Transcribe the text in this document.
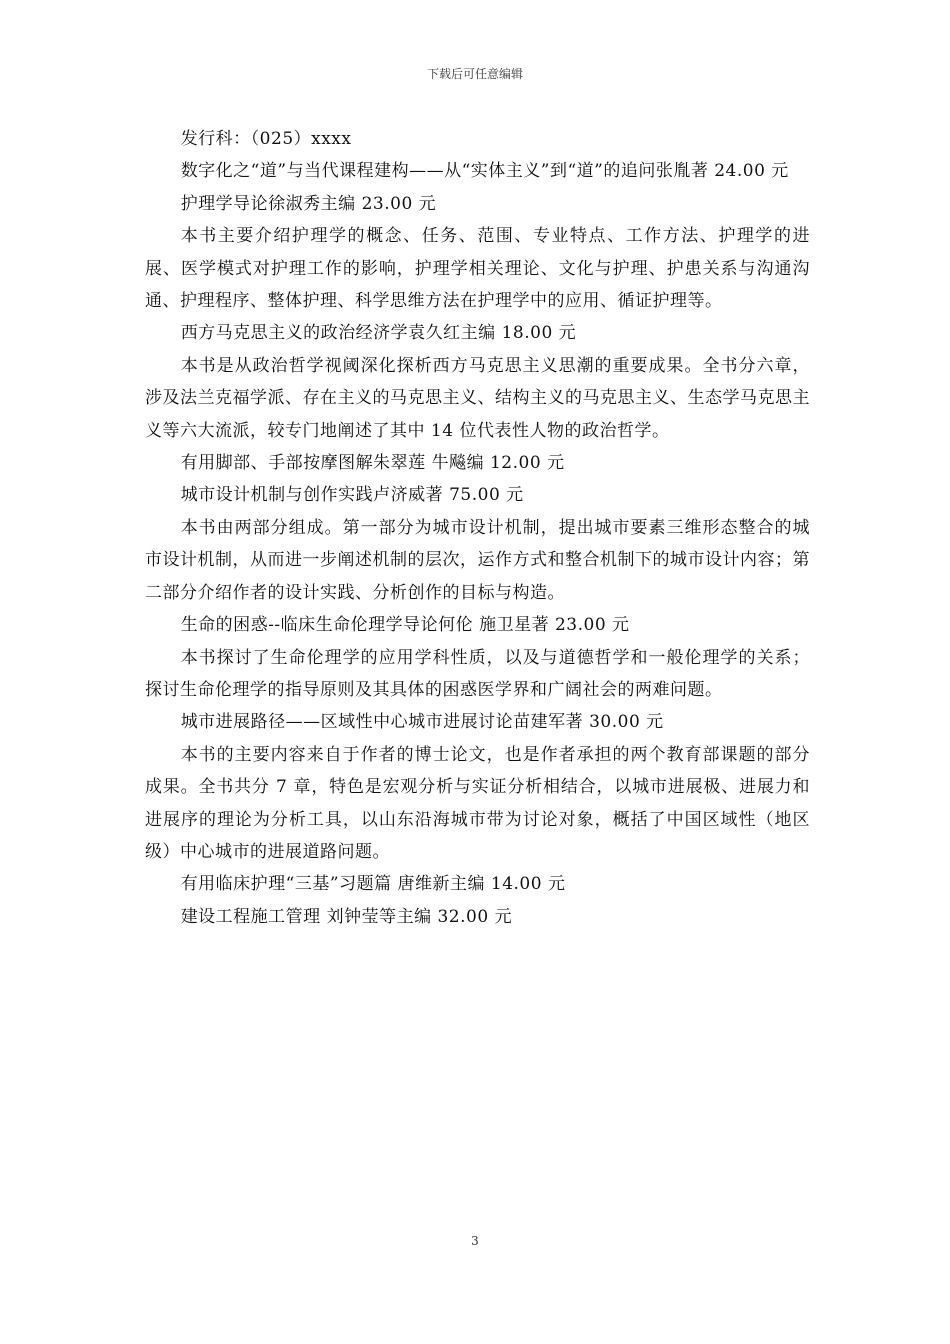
下载后可任意编辑

发行科：（025）xxxx

数字化之“道”与当代课程建构——从“实体主义”到“道”的追问张胤著 24.00 元

护理学导论徐淑秀主编 23.00 元

本书主要介绍护理学的概念、任务、范围、专业特点、工作方法、护理学的进展、医学模式对护理工作的影响，护理学相关理论、文化与护理、护患关系与沟通沟通、护理程序、整体护理、科学思维方法在护理学中的应用、循证护理等。

西方马克思主义的政治经济学袁久红主编 18.00 元

本书是从政治哲学视阈深化探析西方马克思主义思潮的重要成果。全书分六章，涉及法兰克福学派、存在主义的马克思主义、结构主义的马克思主义、生态学马克思主义等六大流派，较专门地阐述了其中 14 位代表性人物的政治哲学。

有用脚部、手部按摩图解朱翠莲 牛飚编 12.00 元

城市设计机制与创作实践卢济威著 75.00 元

本书由两部分组成。第一部分为城市设计机制，提出城市要素三维形态整合的城市设计机制，从而进一步阐述机制的层次，运作方式和整合机制下的城市设计内容；第二部分介绍作者的设计实践、分析创作的目标与构造。

生命的困惑--临床生命伦理学导论何伦 施卫星著 23.00 元

本书探讨了生命伦理学的应用学科性质，以及与道德哲学和一般伦理学的关系；探讨生命伦理学的指导原则及其具体的困惑医学界和广阔社会的两难问题。

城市进展路径——区域性中心城市进展讨论苗建军著 30.00 元

本书的主要内容来自于作者的博士论文，也是作者承担的两个教育部课题的部分成果。全书共分 7 章，特色是宏观分析与实证分析相结合，以城市进展极、进展力和进展序的理论为分析工具，以山东沿海城市带为讨论对象，概括了中国区域性（地区级）中心城市的进展道路问题。

有用临床护理“三基”习题篇 唐维新主编 14.00 元

建设工程施工管理 刘钟莹等主编 32.00 元

3
